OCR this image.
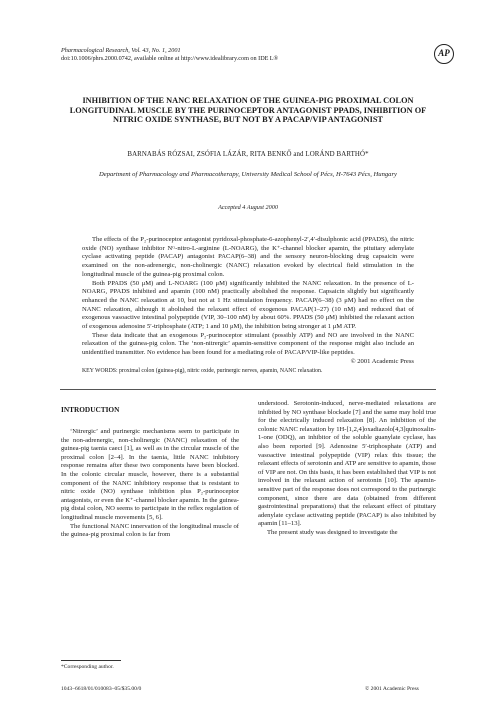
Pharmacological Research, Vol. 43, No. 1, 2001
doi:10.1006/phrs.2000.0742, available online at http://www.idealibrary.com on IDE L®
AP
INHIBITION OF THE NANC RELAXATION OF THE GUINEA-PIG PROXIMAL COLON LONGITUDINAL MUSCLE BY THE PURINOCEPTOR ANTAGONIST PPADS, INHIBITION OF NITRIC OXIDE SYNTHASE, BUT NOT BY A PACAP/VIP ANTAGONIST
BARNABÁS RÓZSAI, ZSÓFIA LÁZÁR, RITA BENKŐ and LORÁND BARTHÓ*
Department of Pharmacology and Pharmacotherapy, University Medical School of Pécs, H-7643 Pécs, Hungary
Accepted 4 August 2000

The effects of the P₂-purinoceptor antagonist pyridoxal-phosphate-6-azophenyl-2′,4′-disulphonic acid (PPADS), the nitric oxide (NO) synthase inhibitor Nᴳ-nitro-L-arginine (L-NOARG), the K⁺-channel blocker apamin, the pituitary adenylate cyclase activating peptide (PACAP) antagonist PACAP(6–38) and the sensory neuron-blocking drug capsaicin were examined on the non-adrenergic, non-cholinergic (NANC) relaxation evoked by electrical field stimulation in the longitudinal muscle of the guinea-pig proximal colon.

Both PPADS (50 μM) and L-NOARG (100 μM) significantly inhibited the NANC relaxation. In the presence of L-NOARG, PPADS inhibited and apamin (100 nM) practically abolished the response. Capsaicin slightly but significantly enhanced the NANC relaxation at 10, but not at 1 Hz stimulation frequency. PACAP(6–38) (3 μM) had no effect on the NANC relaxation, although it abolished the relaxant effect of exogenous PACAP(1–27) (10 nM) and reduced that of exogenous vasoactive intestinal polypeptide (VIP, 30–100 nM) by about 60%. PPADS (50 μM) inhibited the relaxant action of exogenous adenosine 5′-triphosphate (ATP; 1 and 10 μM), the inhibition being stronger at 1 μM ATP.

These data indicate that an exogenous P₂-purinoceptor stimulant (possibly ATP) and NO are involved in the NANC relaxation of the guinea-pig colon. The ‘non-nitrergic’ apamin-sensitive component of the response might also include an unidentified transmitter. No evidence has been found for a mediating role of PACAP/VIP-like peptides.
© 2001 Academic Press

KEY WORDS: proximal colon (guinea-pig), nitric oxide, purinergic nerves, apamin, NANC relaxation.
INTRODUCTION

‘Nitrergic’ and purinergic mechanisms seem to participate in the non-adrenergic, non-cholinergic (NANC) relaxation of the guinea-pig taenia caeci [1], as well as in the circular muscle of the proximal colon [2–4]. In the taenia, little NANC inhibitory response remains after these two components have been blocked. In the colonic circular muscle, however, there is a substantial component of the NANC inhibitory response that is resistant to nitric oxide (NO) synthase inhibition plus P₂-purinoceptor antagonists, or even the K⁺-channel blocker apamin. In the guinea-pig distal colon, NO seems to participate in the reflex regulation of longitudinal muscle movements [5, 6].

The functional NANC innervation of the longitudinal muscle of the guinea-pig proximal colon is far from

understood. Serotonin-induced, nerve-mediated relaxations are inhibited by NO synthase blockade [7] and the same may hold true for the electrically induced relaxation [8]. An inhibition of the colonic NANC relaxation by 1H-[1,2,4]oxadiazolo[4,3]quinoxalin-1-one (ODQ), an inhibitor of the soluble guanylate cyclase, has also been reported [9]. Adenosine 5′-triphosphate (ATP) and vasoactive intestinal polypeptide (VIP) relax this tissue; the relaxant effects of serotonin and ATP are sensitive to apamin, those of VIP are not. On this basis, it has been established that VIP is not involved in the relaxant action of serotonin [10]. The apamin-sensitive part of the response does not correspond to the purinergic component, since there are data (obtained from different gastrointestinal preparations) that the relaxant effect of pituitary adenylate cyclase activating peptide (PACAP) is also inhibited by apamin [11–13].

The present study was designed to investigate the

*Corresponding author.
1043–6618/01/010083–05/$35.00/0	© 2001 Academic Press
